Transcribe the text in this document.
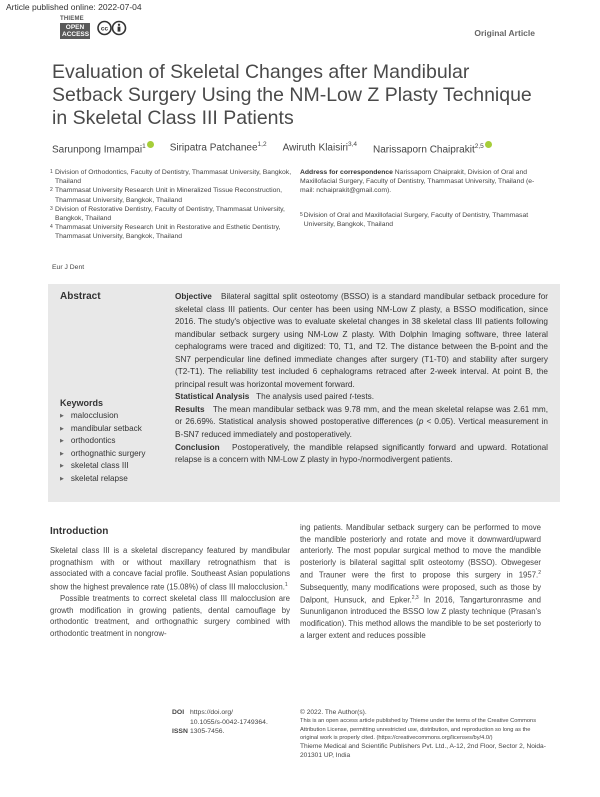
Article published online: 2022-07-04
THIEME
OPEN
ACCESS
cc	Original Article
Evaluation of Skeletal Changes after Mandibular Setback Surgery Using the NM-Low Z Plasty Technique in Skeletal Class III Patients
Sarunpong Imampai$^1$	Siripatra Patchanee$^{1,2}$ Awiruth Klaisiri$^{3,4}$ Narissaporn Chaiprakit$^{2,5}$
1 Division of Orthodontics, Faculty of Dentistry, Thammasat University, Bangkok, Thailand
2 Thammasat University Research Unit in Mineralized Tissue Reconstruction, Thammasat University, Bangkok, Thailand
3 Division of Restorative Dentistry, Faculty of Dentistry, Thammasat University, Bangkok, Thailand
4 Thammasat University Research Unit in Restorative and Esthetic Dentistry, Thammasat University, Bangkok, Thailand
Address for correspondence Narissaporn Chaiprakit, Division of Oral and Maxillofacial Surgery, Faculty of Dentistry, Thammasat University, Thailand (e-mail: nchaiprakit@gmail.com).
5 Division of Oral and Maxillofacial Surgery, Faculty of Dentistry, Thammasat University, Bangkok, Thailand
Eur J Dent
Abstract	Objective Bilateral sagittal split osteotomy (BSSO) is a standard mandibular setback procedure for skeletal class III patients. Our center has been using NM-Low Z plasty, a BSSO modification, since 2016. The study's objective was to evaluate skeletal changes in 38 skeletal class III patients following mandibular setback surgery using NM-Low Z plasty. With Dolphin Imaging software, three lateral cephalograms were traced and digitized: T0, T1, and T2. The distance between the B-point and the SN7 perpendicular line defined immediate changes after surgery (T1-T0) and stability after surgery (T2-T1). The reliability test included 6 cephalograms retraced after 2-week interval. At point B, the principal result was horizontal movement forward.
Statistical Analysis The analysis used paired t-tests.
Results The mean mandibular setback was 9.78 mm, and the mean skeletal relapse was 2.61 mm, or 26.69%. Statistical analysis showed postoperative differences (p < 0.05). Vertical measurement in B-SN7 reduced immediately and postoperatively.
Conclusion Postoperatively, the mandible relapsed significantly forward and upward. Rotational relapse is a concern with NM-Low Z plasty in hypo-/normodivergent patients.
Keywords
▶ malocclusion
▶ mandibular setback
▶ orthodontics
▶ orthognathic surgery
▶ skeletal class III
▶ skeletal relapse
Introduction

Skeletal class III is a skeletal discrepancy featured by mandibular prognathism with or without maxillary retrognathism that is associated with a concave facial profile. Southeast Asian populations show the highest prevalence rate (15.08%) of class III malocclusion.$^1$

Possible treatments to correct skeletal class III malocclusion are growth modification in growing patients, dental camouflage by orthodontic treatment, and orthognathic surgery combined with orthodontic treatment in nongrow-

ing patients. Mandibular setback surgery can be performed to move the mandible posteriorly and rotate and move it downward/upward anteriorly. The most popular surgical method to move the mandible posteriorly is bilateral sagittal split osteotomy (BSSO). Obwegeser and Trauner were the first to propose this surgery in 1957.$^2$ Subsequently, many modifications were proposed, such as those by Dalpont, Hunsuck, and Epker.$^{2,3}$ In 2016, Tangarturonrasme and Sununliganon introduced the BSSO low Z plasty technique (Prasan's modification). This method allows the mandible to be set posteriorly to a larger extent and reduces possible
DOI https://doi.org/
10.1055/s-0042-1749364.
ISSN 1305-7456.
© 2022. The Author(s).
This is an open access article published by Thieme under the terms of the Creative Commons Attribution License, permitting unrestricted use, distribution, and reproduction so long as the original work is properly cited. (https://creativecommons.org/licenses/by/4.0/)
Thieme Medical and Scientific Publishers Pvt. Ltd., A-12, 2nd Floor, Sector 2, Noida-201301 UP, India
